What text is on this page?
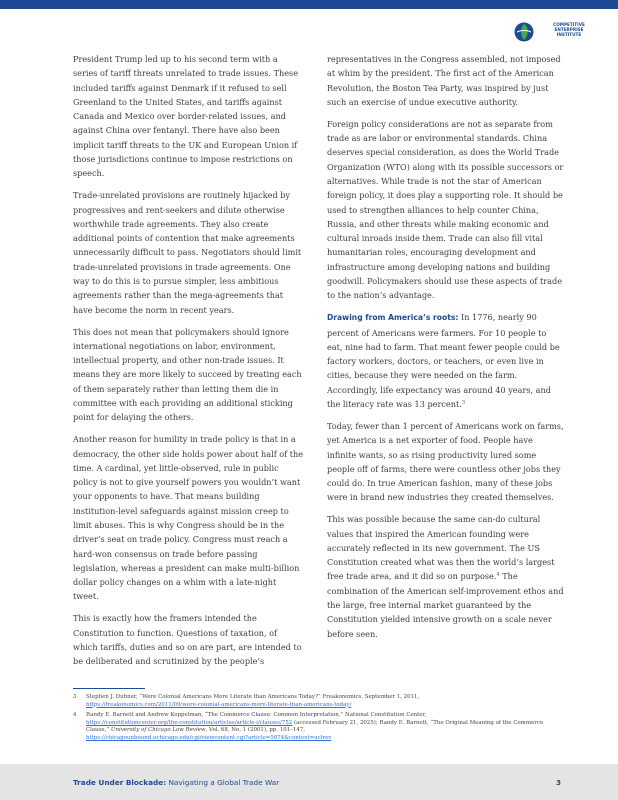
COMPETITIVE
ENTERPRISE
INSTITUTE

President Trump led up to his second term with a series of tariff threats unrelated to trade issues. These included tariffs against Denmark if it refused to sell Greenland to the United States, and tariffs against Canada and Mexico over border-related issues, and against China over fentanyl. There have also been implicit tariff threats to the UK and European Union if those jurisdictions continue to impose restrictions on speech.

Trade-unrelated provisions are routinely hijacked by progressives and rent-seekers and dilute otherwise worthwhile trade agreements. They also create additional points of contention that make agreements unnecessarily difficult to pass. Negotiators should limit trade-unrelated provisions in trade agreements. One way to do this is to pursue simpler, less ambitious agreements rather than the mega-agreements that have become the norm in recent years.

This does not mean that policymakers should ignore international negotiations on labor, environment, intellectual property, and other non-trade issues. It means they are more likely to succeed by treating each of them separately rather than letting them die in committee with each providing an additional sticking point for delaying the others.

Another reason for humility in trade policy is that in a democracy, the other side holds power about half of the time. A cardinal, yet little-observed, rule in public policy is not to give yourself powers you wouldn’t want your opponents to have. That means building institution-level safeguards against mission creep to limit abuses. This is why Congress should be in the driver’s seat on trade policy. Congress must reach a hard-won consensus on trade before passing legislation, whereas a president can make multi-billion dollar policy changes on a whim with a late-night tweet.

This is exactly how the framers intended the Constitution to function. Questions of taxation, of which tariffs, duties and so on are part, are intended to be deliberated and scrutinized by the people’s

representatives in the Congress assembled, not imposed at whim by the president. The first act of the American Revolution, the Boston Tea Party, was inspired by just such an exercise of undue executive authority.

Foreign policy considerations are not as separate from trade as are labor or environmental standards. China deserves special consideration, as does the World Trade Organization (WTO) along with its possible successors or alternatives. While trade is not the star of American foreign policy, it does play a supporting role. It should be used to strengthen alliances to help counter China, Russia, and other threats while making economic and cultural inroads inside them. Trade can also fill vital humanitarian roles, encouraging development and infrastructure among developing nations and building goodwill. Policymakers should use these aspects of trade to the nation’s advantage.

Drawing from America’s roots: In 1776, nearly 90 percent of Americans were farmers. For 10 people to eat, nine had to farm. That meant fewer people could be factory workers, doctors, or teachers, or even live in cities, because they were needed on the farm. Accordingly, life expectancy was around 40 years, and the literacy rate was 13 percent.$^3$

Today, fewer than 1 percent of Americans work on farms, yet America is a net exporter of food. People have infinite wants, so as rising productivity lured some people off of farms, there were countless other jobs they could do. In true American fashion, many of these jobs were in brand new industries they created themselves.

This was possible because the same can-do cultural values that inspired the American founding were accurately reflected in its new government. The US Constitution created what was then the world’s largest free trade area, and it did so on purpose.$^4$ The combination of the American self-improvement ethos and the large, free internal market guaranteed by the Constitution yielded intensive growth on a scale never before seen.

3 Stephen J. Dubner, “Were Colonial Americans More Literate than Americans Today?” Freakonomics, September 1, 2011,
https://freakonomics.com/2011/09/were-colonial-americans-more-literate-than-americans-today/
4 Randy E. Barnett and Andrew Koppelman, “The Commerce Clause: Common Interpretation,” National Constitution Center,
https://constitutioncenter.org/the-constitution/articles/article-i/clauses/752 (accessed February 21, 2025); Randy E. Barnett, “The Original Meaning of the Commerce Clause,” University of Chicago Law Review, Vol. 68, No. 1 (2001), pp. 101–147,
https://chicagounbound.uchicago.edu/cgi/viewcontent.cgi?article=5074&context=uclrev
Trade Under Blockade: Navigating a Global Trade War	3
